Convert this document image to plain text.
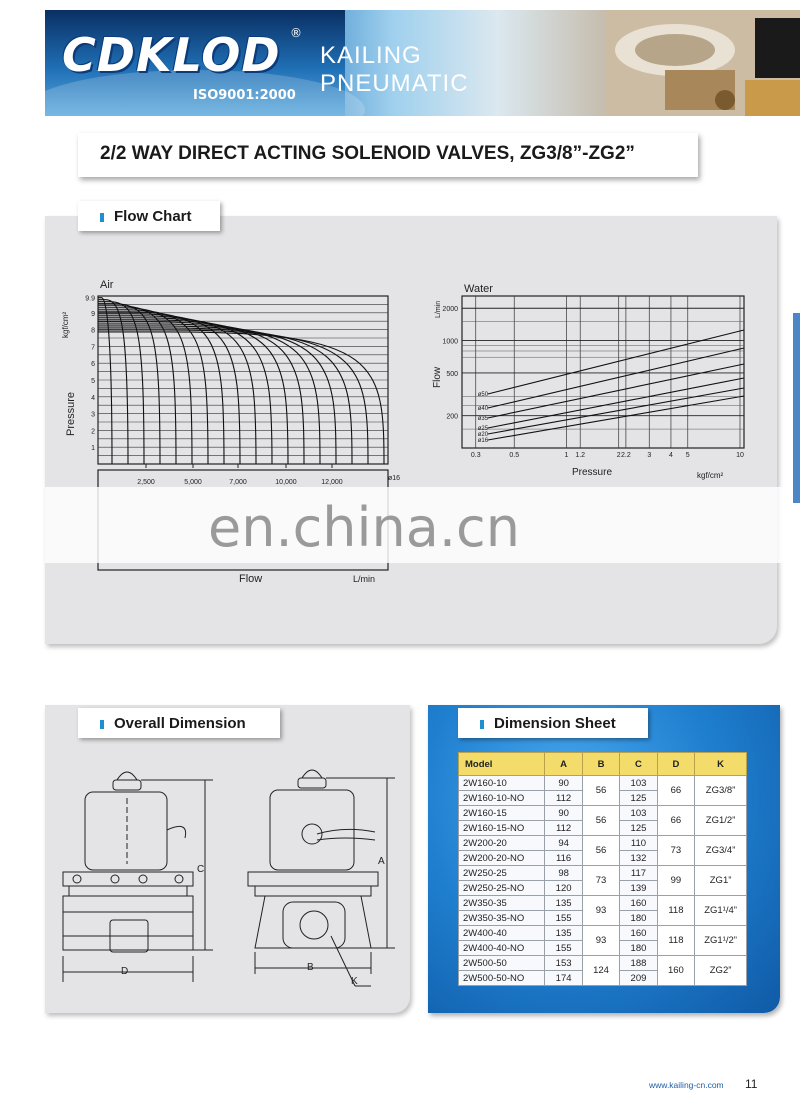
CDKLOD ®
ISO9001:2000
KAILING
PNEUMATIC
2/2 WAY DIRECT ACTING SOLENOID VALVES, ZG3/8”-ZG2”
Flow Chart
Air
kgf/cm²
Pressure
1
2
3
4
5
6
7
8
9
9.9
2,500	5,000	7,000	10,000	12,000
ø16
Flow	L/min
Water
L/min
Flow
200
500
1000
2000
0.3	0.5	1 1.2	2 2.2 3	4 5	10
ø50
ø40
ø35
ø25
ø20
ø16
Pressure	kgf/cm²
en.china.cn
Overall Dimension
C
D
A
B
K
Dimension Sheet
Model	A	B	C	D	K
2W160-10	90	56	103	66	ZG3/8”
2W160-10-NO	112		125		
2W160-15	90	56	103	66	ZG1/2”
2W160-15-NO	112		125		
2W200-20	94	56	110	73	ZG3/4”
2W200-20-NO	116		132		
2W250-25	98	73	117	99	ZG1”
2W250-25-NO	120		139		
2W350-35	135	93	160	118	ZG1¹/4”
2W350-35-NO	155		180		
2W400-40	135	93	160	118	ZG1¹/2”
2W400-40-NO	155		180		
2W500-50	153	124	188	160	ZG2”
2W500-50-NO	174		209		
www.kailing-cn.com 11
